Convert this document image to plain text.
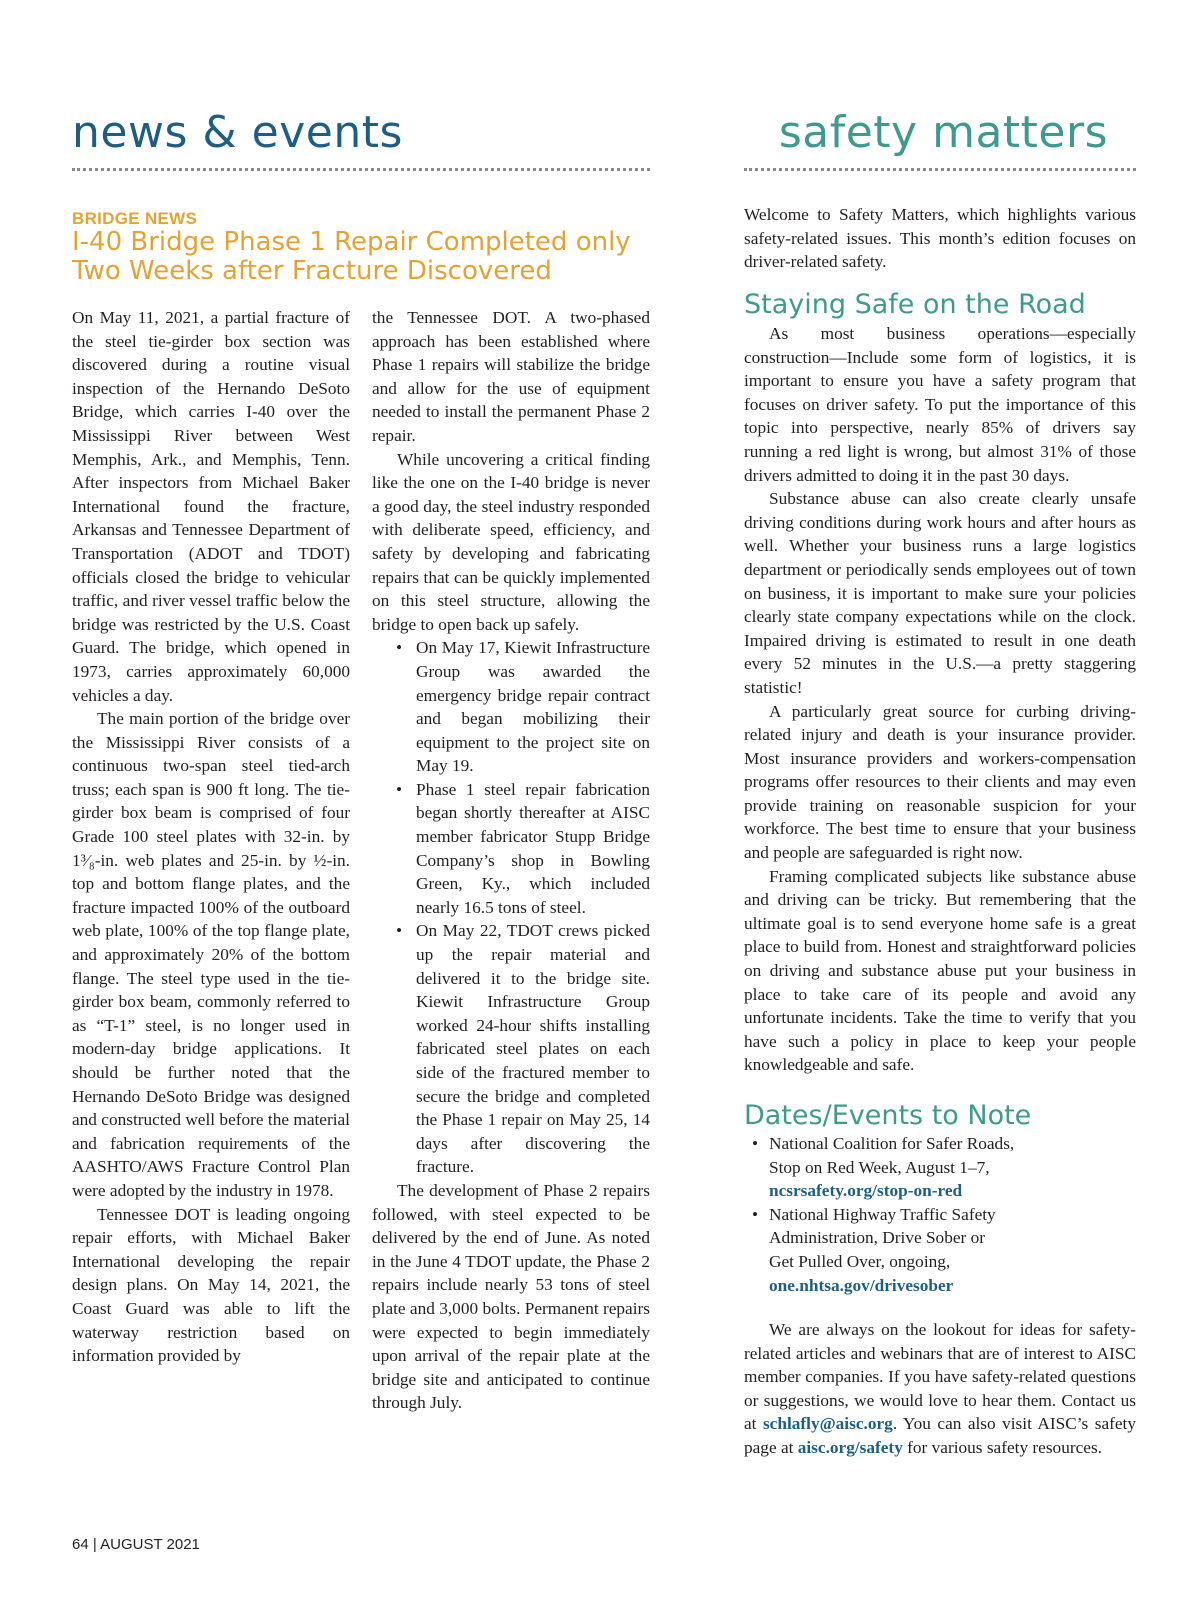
news & events	safety matters
BRIDGE NEWS
I-40 Bridge Phase 1 Repair Completed only
Two Weeks after Fracture Discovered

On May 11, 2021, a partial fracture of the steel tie-girder box section was discovered during a routine visual inspection of the Hernando DeSoto Bridge, which carries I-40 over the Mississippi River between West Memphis, Ark., and Memphis, Tenn. After inspectors from Michael Baker International found the fracture, Arkansas and Tennessee Department of Transportation (ADOT and TDOT) officials closed the bridge to vehicular traffic, and river vessel traffic below the bridge was restricted by the U.S. Coast Guard. The bridge, which opened in 1973, carries approximately 60,000 vehicles a day.

The main portion of the bridge over the Mississippi River consists of a continuous two-span steel tied-arch truss; each span is 900 ft long. The tie-girder box beam is comprised of four Grade 100 steel plates with 32-in. by 1³⁄₈-in. web plates and 25-in. by ½-in. top and bottom flange plates, and the fracture impacted 100% of the outboard web plate, 100% of the top flange plate, and approximately 20% of the bottom flange. The steel type used in the tie-girder box beam, commonly referred to as “T-1” steel, is no longer used in modern-day bridge applications. It should be further noted that the Hernando DeSoto Bridge was designed and constructed well before the material and fabrication requirements of the AASHTO/AWS Fracture Control Plan were adopted by the industry in 1978.

Tennessee DOT is leading ongoing repair efforts, with Michael Baker International developing the repair design plans. On May 14, 2021, the Coast Guard was able to lift the waterway restriction based on information provided by

the Tennessee DOT. A two-phased approach has been established where Phase 1 repairs will stabilize the bridge and allow for the use of equipment needed to install the permanent Phase 2 repair.

While uncovering a critical finding like the one on the I-40 bridge is never a good day, the steel industry responded with deliberate speed, efficiency, and safety by developing and fabricating repairs that can be quickly implemented on this steel structure, allowing the bridge to open back up safely.

• On May 17, Kiewit Infrastructure Group was awarded the emergency bridge repair contract and began mobilizing their equipment to the project site on May 19.
• Phase 1 steel repair fabrication began shortly thereafter at AISC member fabricator Stupp Bridge Company’s shop in Bowling Green, Ky., which included nearly 16.5 tons of steel.
• On May 22, TDOT crews picked up the repair material and delivered it to the bridge site. Kiewit Infrastructure Group worked 24-hour shifts installing fabricated steel plates on each side of the fractured member to secure the bridge and completed the Phase 1 repair on May 25, 14 days after discovering the fracture.

The development of Phase 2 repairs followed, with steel expected to be delivered by the end of June. As noted in the June 4 TDOT update, the Phase 2 repairs include nearly 53 tons of steel plate and 3,000 bolts. Permanent repairs were expected to begin immediately upon arrival of the repair plate at the bridge site and anticipated to continue through July.

Welcome to Safety Matters, which highlights various safety-related issues. This month’s edition focuses on driver-related safety.

Staying Safe on the Road

As most business operations—especially construction—Include some form of logistics, it is important to ensure you have a safety program that focuses on driver safety. To put the importance of this topic into perspective, nearly 85% of drivers say running a red light is wrong, but almost 31% of those drivers admitted to doing it in the past 30 days.

Substance abuse can also create clearly unsafe driving conditions during work hours and after hours as well. Whether your business runs a large logistics department or periodically sends employees out of town on business, it is important to make sure your policies clearly state company expectations while on the clock. Impaired driving is estimated to result in one death every 52 minutes in the U.S.—a pretty staggering statistic!

A particularly great source for curbing driving-related injury and death is your insurance provider. Most insurance providers and workers-compensation programs offer resources to their clients and may even provide training on reasonable suspicion for your workforce. The best time to ensure that your business and people are safeguarded is right now.

Framing complicated subjects like substance abuse and driving can be tricky. But remembering that the ultimate goal is to send everyone home safe is a great place to build from. Honest and straightforward policies on driving and substance abuse put your business in place to take care of its people and avoid any unfortunate incidents. Take the time to verify that you have such a policy in place to keep your people knowledgeable and safe.

Dates/Events to Note
• National Coalition for Safer Roads,
Stop on Red Week, August 1–7,
ncsrsafety.org/stop-on-red
• National Highway Traffic Safety
Administration, Drive Sober or
Get Pulled Over, ongoing,
one.nhtsa.gov/drivesober

We are always on the lookout for ideas for safety-related articles and webinars that are of interest to AISC member companies. If you have safety-related questions or suggestions, we would love to hear them. Contact us at schlafly@aisc.org. You can also visit AISC’s safety page at aisc.org/safety for various safety resources.

64 | AUGUST 2021
